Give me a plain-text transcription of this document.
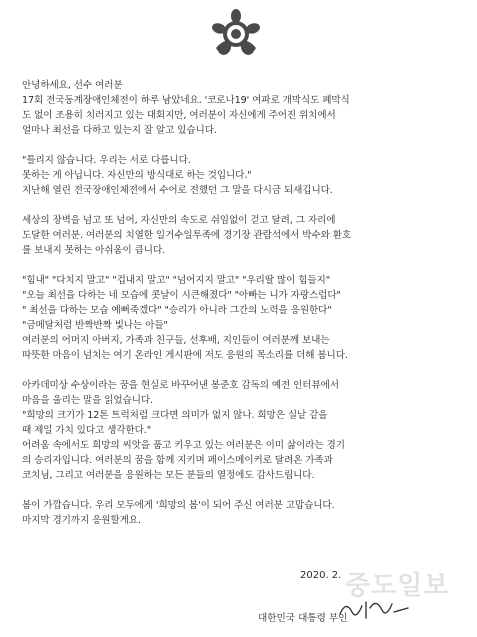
안녕하세요, 선수 여러분

17회 전국동계장애인체전이 하루 남았네요. '코로나19' 여파로 개막식도 폐막식

도 없이 조용히 치러지고 있는 대회지만, 여러분이 자신에게 주어진 위치에서

얼마나 최선을 다하고 있는지 잘 알고 있습니다.

"틀리지 않습니다. 우리는 서로 다릅니다.

못하는 게 아닙니다. 자신만의 방식대로 하는 것입니다."

지난해 열린 전국장애인체전에서 수어로 전했던 그 말을 다시금 되새깁니다.

세상의 장벽을 넘고 또 넘어, 자신만의 속도로 쉬임없이 걷고 달려, 그 자리에

도달한 여러분. 여러분의 치열한 일거수일투족에 경기장 관람석에서 박수와 환호

를 보내지 못하는 아쉬움이 큽니다.

"힘내" "다치지 말고" "겁내지 말고" "넘어지지 말고" "우리딸 많이 힘들지"

"오늘 최선을 다하는 네 모습에 콧날이 시큰해졌다" "아빠는 니가 자랑스럽다"

" 최선을 다하는 모습 예뻐죽겠다" "승리가 아니라 그간의 노력을 응원한다"

"금메달처럼 반짝반짝 빛나는 아들"

여러분의 어머지 아버지, 가족과 친구들, 선후배, 지인들이 여러분께 보내는

따뜻한 마음이 넘치는 여기 온라인 게시판에 저도 응원의 목소리를 더해 봅니다.

아카데미상 수상이라는 꿈을 현실로 바꾸어낸 봉준호 감독의 예전 인터뷰에서

마음을 울리는 말을 읽었습니다.

"희망의 크기가 12톤 트럭처럼 크다면 의미가 없지 않나. 희망은 실낱 같을

때 제일 가치 있다고 생각한다."

어려움 속에서도 희망의 씨앗을 품고 키우고 있는 여러분은 이미 삶이라는 경기

의 승리자입니다. 여러분의 꿈을 함께 지키며 페이스메이커로 달려온 가족과

코치님, 그리고 여러분을 응원하는 모든 분들의 열정에도 감사드립니다.

봄이 가깝습니다. 우리 모두에게 '희망의 봄'이 되어 주신 여러분 고맙습니다.

마지막 경기까지 응원할게요.

2020. 2. 중도일보
대한민국 대통령 부인
